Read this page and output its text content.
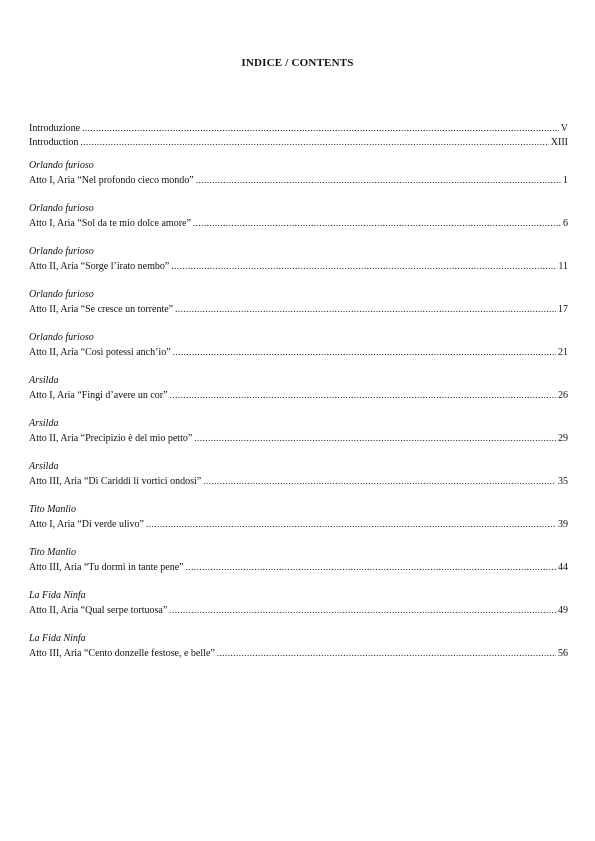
INDICE / CONTENTS
Introduzione .....	V
Introduction .....	XIII
Orlando furioso
Atto I, Aria “Nel profondo cieco mondo” .....	1
Orlando furioso
Atto I, Aria “Sol da te mio dolce amore” .....	6
Orlando furioso
Atto II, Aria “Sorge l’irato nembo” .....	11
Orlando furioso
Atto II, Aria “Se cresce un torrente” .....	17
Orlando furioso
Atto II, Aria “Così potessi anch’io” .....	21
Arsilda
Atto I, Aria “Fingi d’avere un cor” .....	26
Arsilda
Atto II, Aria “Precipizio è del mio petto” .....	29
Arsilda
Atto III, Aria “Di Cariddi li vortici ondosi” .....	35
Tito Manlio
Atto I, Aria “Di verde ulivo” .....	39
Tito Manlio
Atto III, Aria “Tu dormi in tante pene” .....	44
La Fida Ninfa
Atto II, Aria “Qual serpe tortuosa” .....	49
La Fida Ninfa
Atto III, Aria “Cento donzelle festose, e belle” .....	56
